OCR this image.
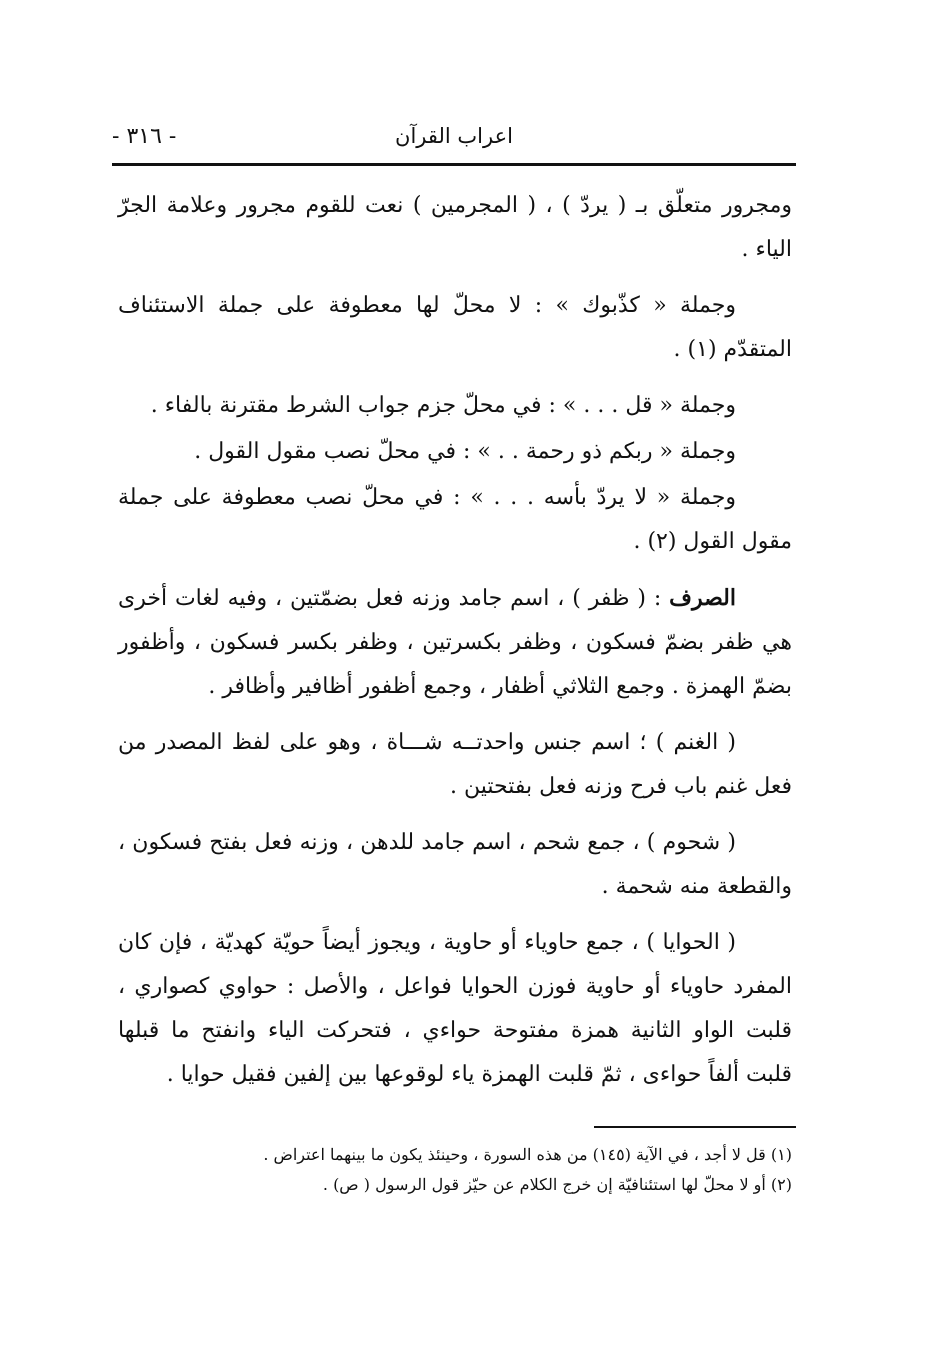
- ٣١٦ -	اعراب القرآن

ومجرور متعلّق بـ ( يردّ ) ، ( المجرمين ) نعت للقوم مجرور وعلامة الجرّ الياء .

وجملة « كذّبوك » : لا محلّ لها معطوفة على جملة الاستئناف المتقدّم (١) .

وجملة « قل . . . » : في محلّ جزم جواب الشرط مقترنة بالفاء .

وجملة « ربكم ذو رحمة . . » : في محلّ نصب مقول القول .

وجملة « لا يردّ بأسه . . . » : في محلّ نصب معطوفة على جملة مقول القول (٢) .

الصرف : ( ظفر ) ، اسم جامد وزنه فعل بضمّتين ، وفيه لغات أخرى هي ظفر بضمّ فسكون ، وظفر بكسرتين ، وظفر بكسر فسكون ، وأظفور بضمّ الهمزة . وجمع الثلاثي أظفار ، وجمع أظفور أظافير وأظافر .

( الغنم ) ؛ اسم جنس واحدتــه شـــاة ، وهو على لفظ المصدر من فعل غنم باب فرح وزنه فعل بفتحتين .

( شحوم ) ، جمع شحم ، اسم جامد للدهن ، وزنه فعل بفتح فسكون ، والقطعة منه شحمة .

( الحوايا ) ، جمع حاوياء أو حاوية ، ويجوز أيضاً حويّة كهديّة ، فإن كان المفرد حاوياء أو حاوية فوزن الحوايا فواعل ، والأصل : حواوي كصواري ، قلبت الواو الثانية همزة مفتوحة حواءي ، فتحركت الياء وانفتح ما قبلها قلبت ألفاً حواءى ، ثمّ قلبت الهمزة ياء لوقوعها بين إلفين فقيل حوايا .

(١) قل لا أجد ، في الآية (١٤٥) من هذه السورة ، وحينئذ يكون ما بينهما اعتراض .

(٢) أو لا محلّ لها استئنافيّة إن خرج الكلام عن حيّز قول الرسول ( ص) .
